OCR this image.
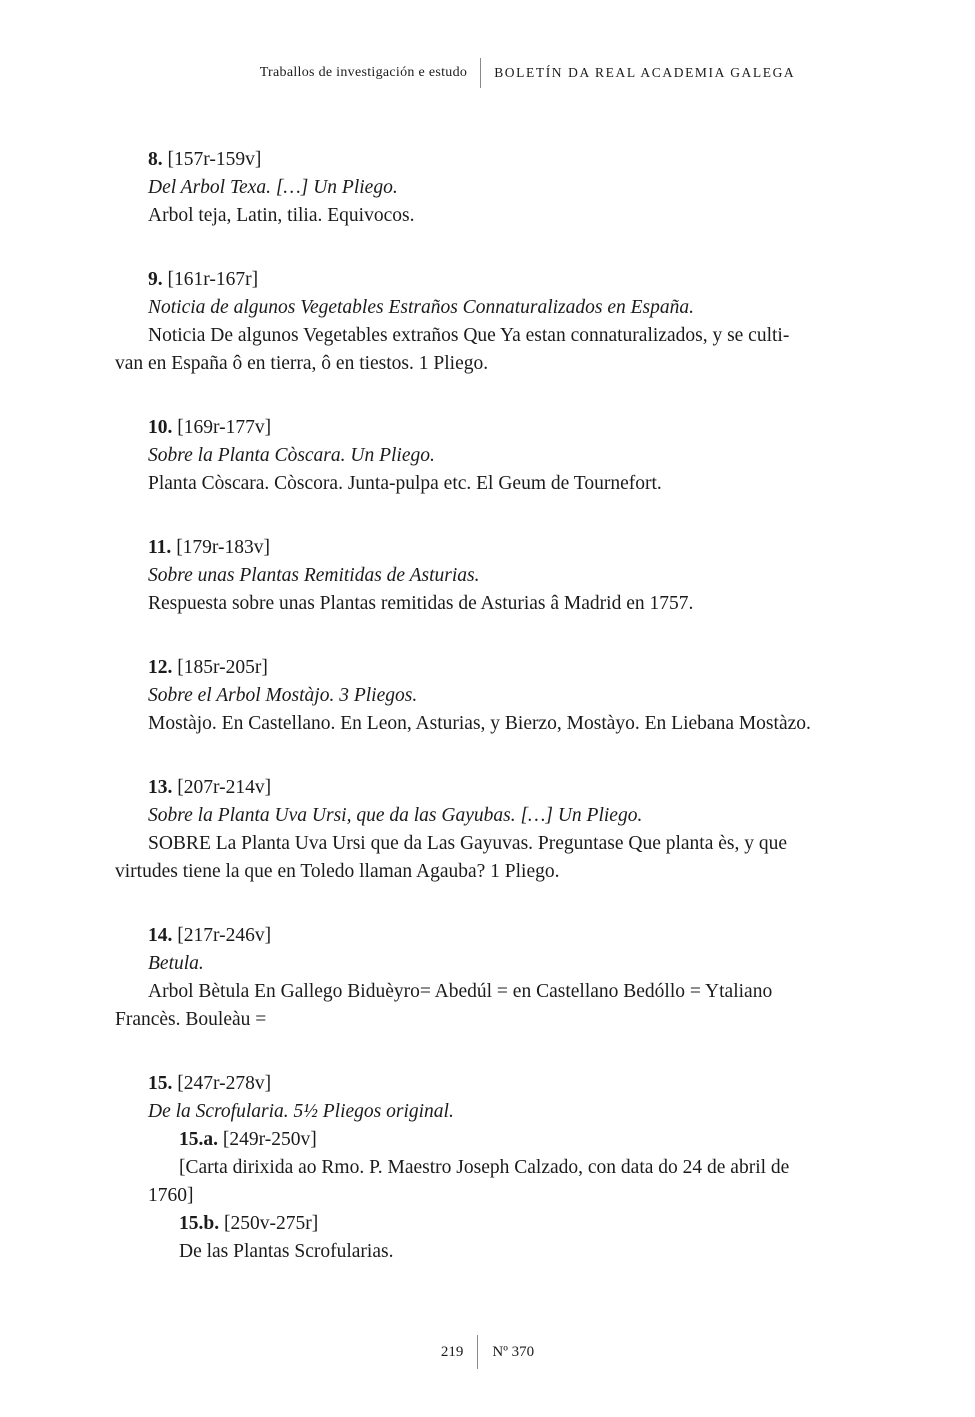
Traballos de investigación e estudo BOLETÍN DA REAL ACADEMIA GALEGA
8. [157r-159v]
Del Arbol Texa. […] Un Pliego.
Arbol teja, Latin, tilia. Equivocos.
9. [161r-167r]
Noticia de algunos Vegetables Estraños Connaturalizados en España.
Noticia De algunos Vegetables extraños Que Ya estan connaturalizados, y se culti-
van en España ô en tierra, ô en tiestos. 1 Pliego.
10. [169r-177v]
Sobre la Planta Còscara. Un Pliego.
Planta Còscara. Còscora. Junta-pulpa etc. El Geum de Tournefort.
11. [179r-183v]
Sobre unas Plantas Remitidas de Asturias.
Respuesta sobre unas Plantas remitidas de Asturias â Madrid en 1757.
12. [185r-205r]
Sobre el Arbol Mostàjo. 3 Pliegos.
Mostàjo. En Castellano. En Leon, Asturias, y Bierzo, Mostàyo. En Liebana Mostàzo.
13. [207r-214v]
Sobre la Planta Uva Ursi, que da las Gayubas. […] Un Pliego.
SOBRE La Planta Uva Ursi que da Las Gayuvas. Preguntase Que planta ès, y que
virtudes tiene la que en Toledo llaman Agauba? 1 Pliego.
14. [217r-246v]
Betula.
Arbol Bètula En Gallego Biduèyro= Abedúl = en Castellano Bedóllo = Ytaliano
Francès. Bouleàu =
15. [247r-278v]
De la Scrofularia. 5½ Pliegos original.
15.a. [249r-250v]
[Carta dirixida ao Rmo. P. Maestro Joseph Calzado, con data do 24 de abril de
1760]
15.b. [250v-275r]
De las Plantas Scrofularias.
219 Nº 370
